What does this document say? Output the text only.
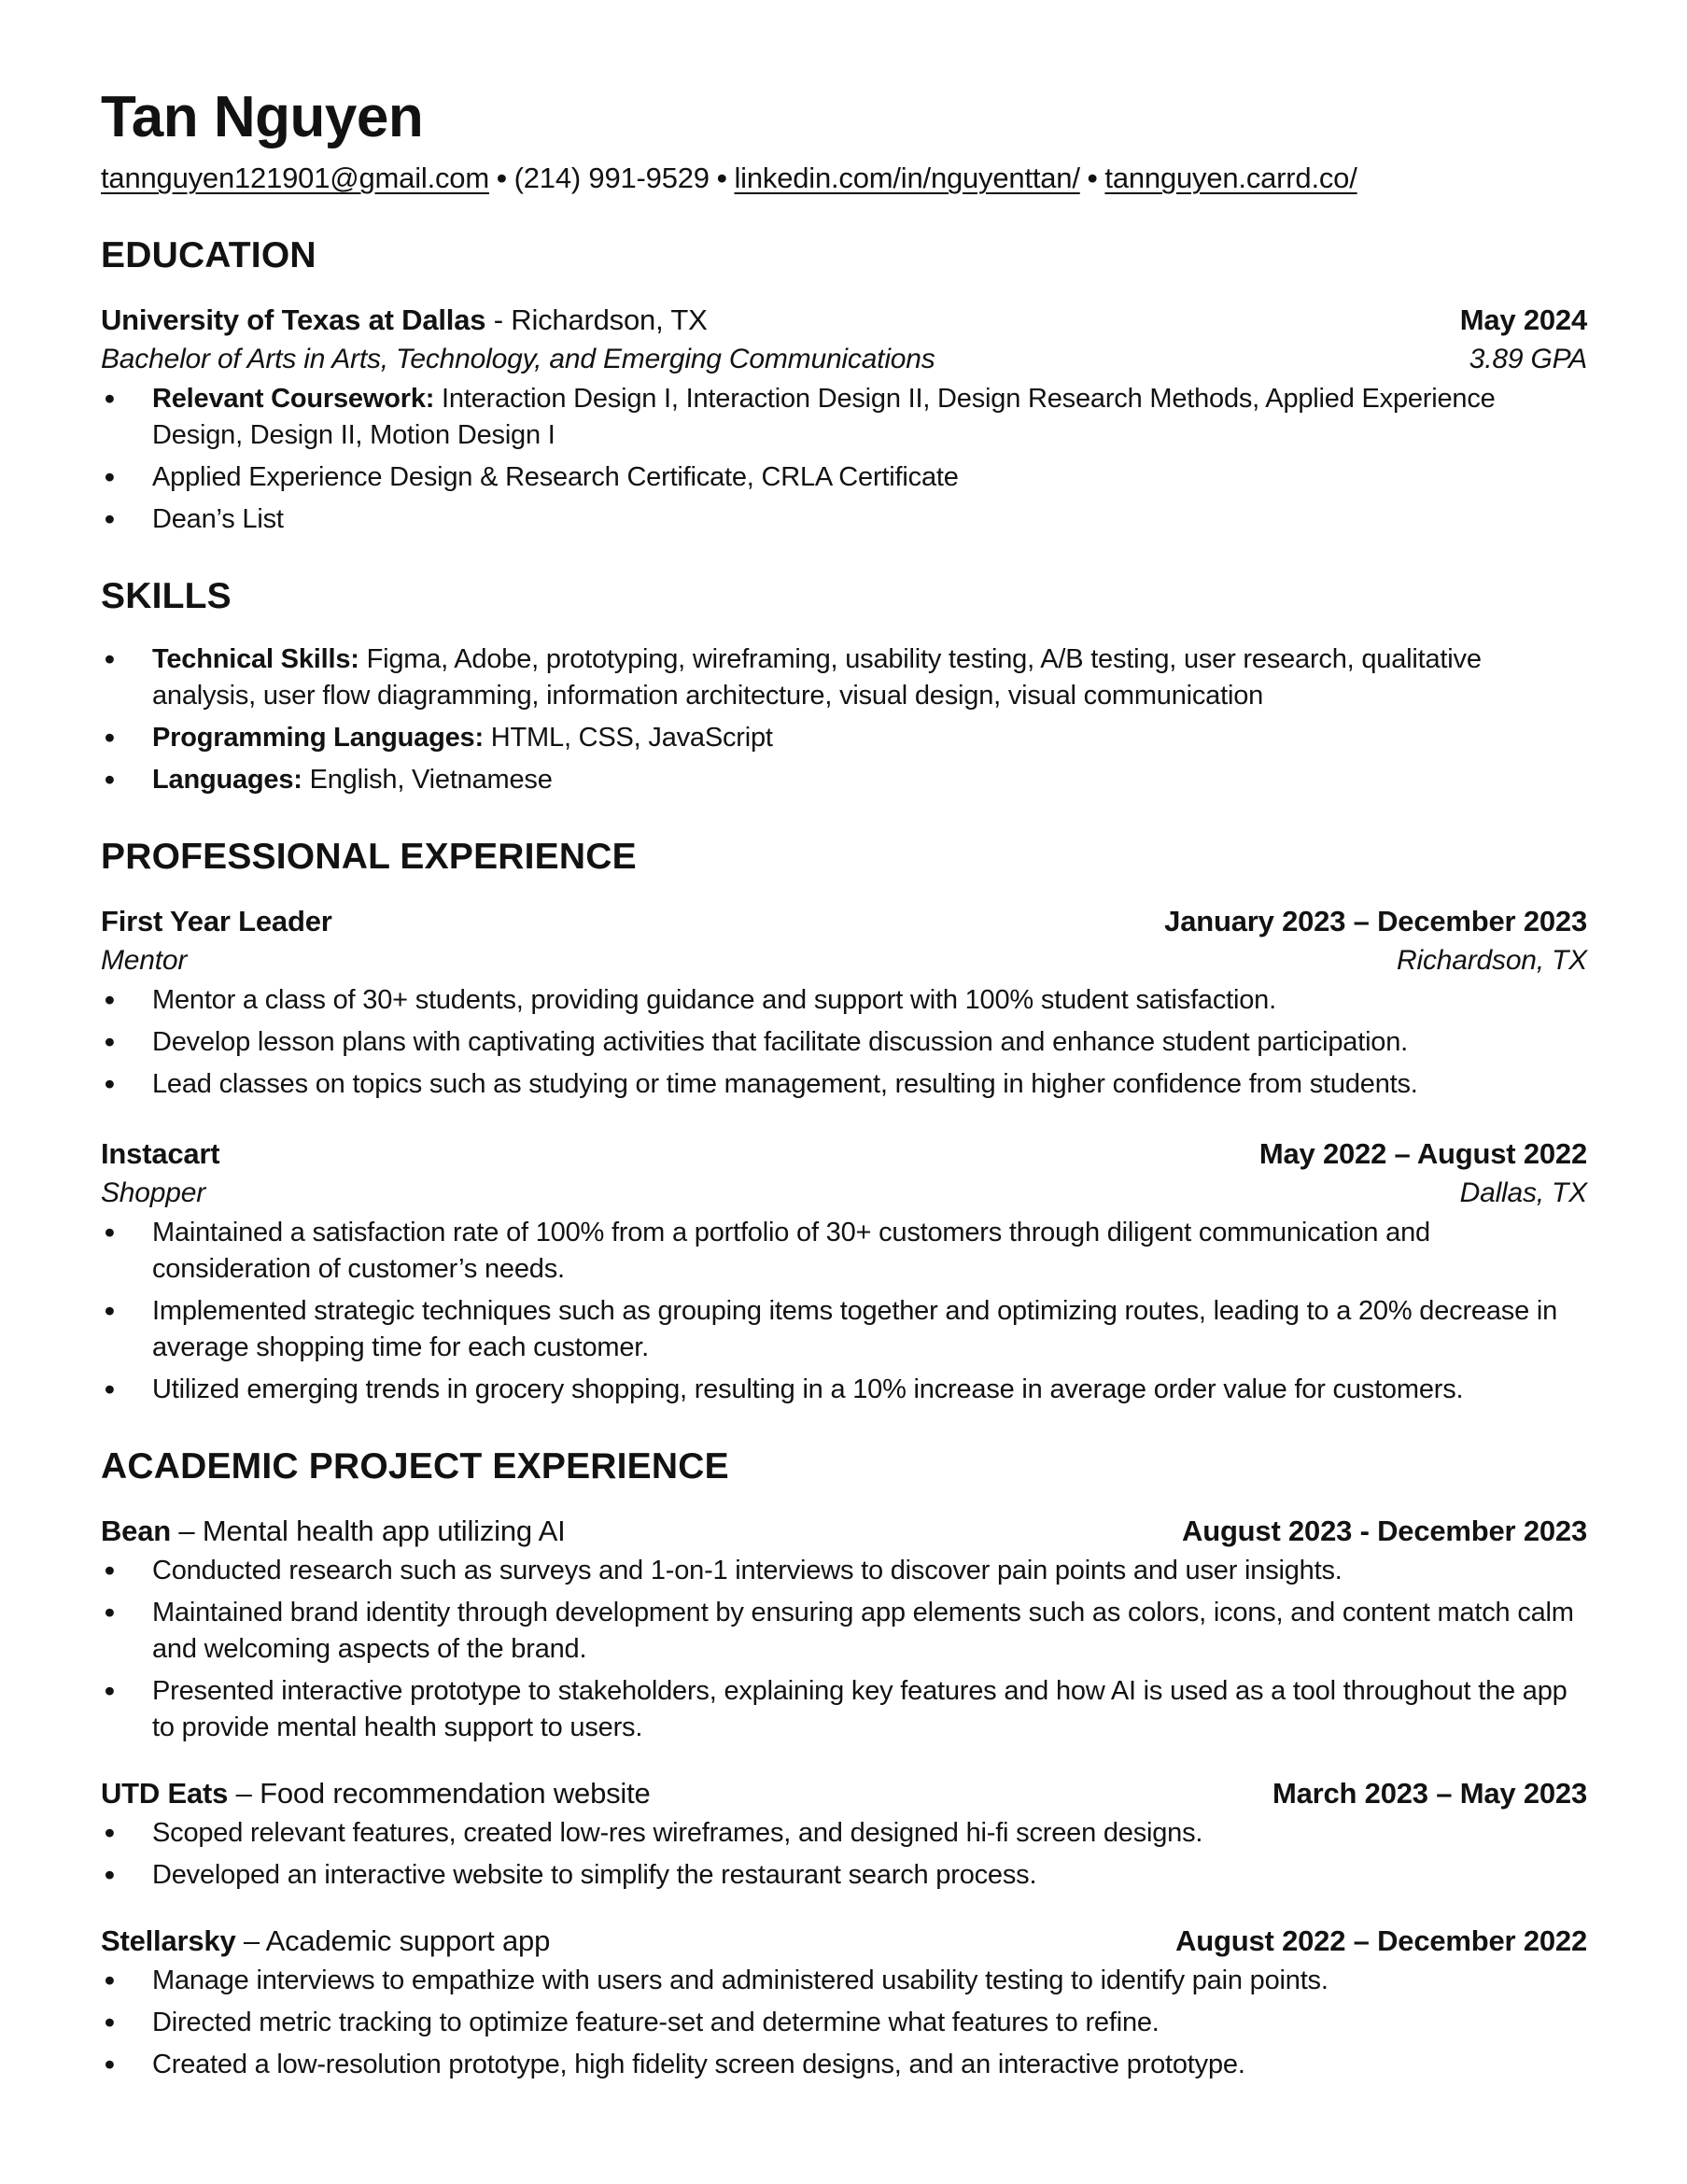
Tan Nguyen
tannguyen121901@gmail.com • (214) 991-9529 • linkedin.com/in/nguyenttan/ • tannguyen.carrd.co/
EDUCATION
University of Texas at Dallas - Richardson, TX	May 2024
Bachelor of Arts in Arts, Technology, and Emerging Communications	3.89 GPA
• Relevant Coursework: Interaction Design I, Interaction Design II, Design Research Methods, Applied Experience Design, Design II, Motion Design I
• Applied Experience Design & Research Certificate, CRLA Certificate
• Dean’s List
SKILLS
• Technical Skills: Figma, Adobe, prototyping, wireframing, usability testing, A/B testing, user research, qualitative analysis, user flow diagramming, information architecture, visual design, visual communication
• Programming Languages: HTML, CSS, JavaScript
• Languages: English, Vietnamese
PROFESSIONAL EXPERIENCE
First Year Leader	January 2023 – December 2023
Mentor	Richardson, TX
• Mentor a class of 30+ students, providing guidance and support with 100% student satisfaction.
• Develop lesson plans with captivating activities that facilitate discussion and enhance student participation.
• Lead classes on topics such as studying or time management, resulting in higher confidence from students.
Instacart	May 2022 – August 2022
Shopper	Dallas, TX
• Maintained a satisfaction rate of 100% from a portfolio of 30+ customers through diligent communication and consideration of customer’s needs.
• Implemented strategic techniques such as grouping items together and optimizing routes, leading to a 20% decrease in average shopping time for each customer.
• Utilized emerging trends in grocery shopping, resulting in a 10% increase in average order value for customers.
ACADEMIC PROJECT EXPERIENCE
Bean – Mental health app utilizing AI	August 2023 - December 2023
• Conducted research such as surveys and 1-on-1 interviews to discover pain points and user insights.
• Maintained brand identity through development by ensuring app elements such as colors, icons, and content match calm and welcoming aspects of the brand.
• Presented interactive prototype to stakeholders, explaining key features and how AI is used as a tool throughout the app to provide mental health support to users.
UTD Eats – Food recommendation website	March 2023 – May 2023
• Scoped relevant features, created low-res wireframes, and designed hi-fi screen designs.
• Developed an interactive website to simplify the restaurant search process.
Stellarsky – Academic support app	August 2022 – December 2022
• Manage interviews to empathize with users and administered usability testing to identify pain points.
• Directed metric tracking to optimize feature-set and determine what features to refine.
• Created a low-resolution prototype, high fidelity screen designs, and an interactive prototype.
